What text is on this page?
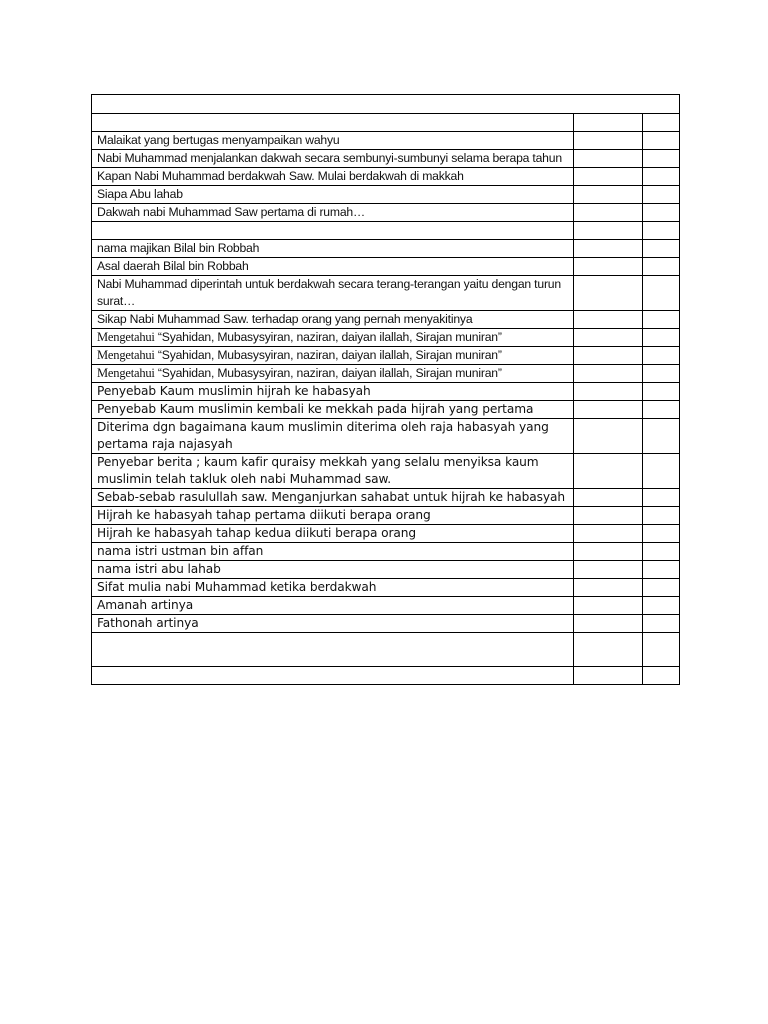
Malaikat yang bertugas menyampaikan wahyu		
Nabi Muhammad menjalankan dakwah secara sembunyi-sumbunyi selama berapa tahun		
Kapan Nabi Muhammad berdakwah Saw. Mulai berdakwah di makkah		
Siapa Abu lahab		
Dakwah nabi Muhammad Saw pertama di rumah…		

nama majikan Bilal bin Robbah		
Asal daerah Bilal bin Robbah		
Nabi Muhammad diperintah untuk berdakwah secara terang-terangan yaitu dengan turun surat…		
Sikap Nabi Muhammad Saw. terhadap orang yang pernah menyakitinya		
Mengetahui “Syahidan, Mubasysyiran, naziran, daiyan ilallah, Sirajan muniran”		
Mengetahui “Syahidan, Mubasysyiran, naziran, daiyan ilallah, Sirajan muniran”		
Mengetahui “Syahidan, Mubasysyiran, naziran, daiyan ilallah, Sirajan muniran”		
Penyebab Kaum muslimin hijrah ke habasyah		
Penyebab Kaum muslimin kembali ke mekkah pada hijrah yang pertama		
Diterima dgn bagaimana kaum muslimin diterima oleh raja habasyah yang pertama raja najasyah		
Penyebar berita ; kaum kafir quraisy mekkah yang selalu menyiksa kaum muslimin telah takluk oleh nabi Muhammad saw.		
Sebab-sebab rasulullah saw. Menganjurkan sahabat untuk hijrah ke habasyah		
Hijrah ke habasyah tahap pertama diikuti berapa orang		
Hijrah ke habasyah tahap kedua diikuti berapa orang		
nama istri ustman bin affan		
nama istri abu lahab		
Sifat mulia nabi Muhammad ketika berdakwah		
Amanah artinya		
Fathonah artinya		
